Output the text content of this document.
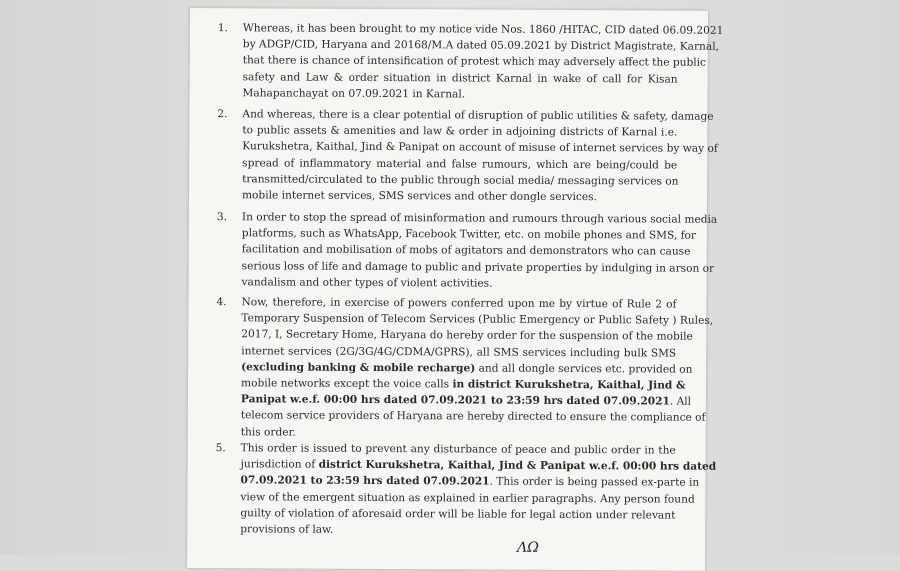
1. Whereas, it has been brought to my notice vide Nos. 1860 /HITAC, CID dated 06.09.2021
by ADGP/CID, Haryana and 20168/M.A dated 05.09.2021 by District Magistrate, Karnal,
that there is chance of intensification of protest which may adversely affect the public
safety and Law & order situation in district Karnal in wake of call for Kisan
Mahapanchayat on 07.09.2021 in Karnal.
2. And whereas, there is a clear potential of disruption of public utilities & safety, damage
to public assets & amenities and law & order in adjoining districts of Karnal i.e.
Kurukshetra, Kaithal, Jind & Panipat on account of misuse of internet services by way of
spread of inflammatory material and false rumours, which are being/could be
transmitted/circulated to the public through social media/ messaging services on
mobile internet services, SMS services and other dongle services.
3. In order to stop the spread of misinformation and rumours through various social media
platforms, such as WhatsApp, Facebook Twitter, etc. on mobile phones and SMS, for
facilitation and mobilisation of mobs of agitators and demonstrators who can cause
serious loss of life and damage to public and private properties by indulging in arson or
vandalism and other types of violent activities.
4. Now, therefore, in exercise of powers conferred upon me by virtue of Rule 2 of
Temporary Suspension of Telecom Services (Public Emergency or Public Safety ) Rules,
2017, I, Secretary Home, Haryana do hereby order for the suspension of the mobile
internet services (2G/3G/4G/CDMA/GPRS), all SMS services including bulk SMS
(excluding banking & mobile recharge) and all dongle services etc. provided on
mobile networks except the voice calls in district Kurukshetra, Kaithal, Jind &
Panipat w.e.f. 00:00 hrs dated 07.09.2021 to 23:59 hrs dated 07.09.2021. All
telecom service providers of Haryana are hereby directed to ensure the compliance of
this order.
5. This order is issued to prevent any disturbance of peace and public order in the
jurisdiction of district Kurukshetra, Kaithal, Jind & Panipat w.e.f. 00:00 hrs dated
07.09.2021 to 23:59 hrs dated 07.09.2021. This order is being passed ex-parte in
view of the emergent situation as explained in earlier paragraphs. Any person found
guilty of violation of aforesaid order will be liable for legal action under relevant
provisions of law.
ΛΩ
